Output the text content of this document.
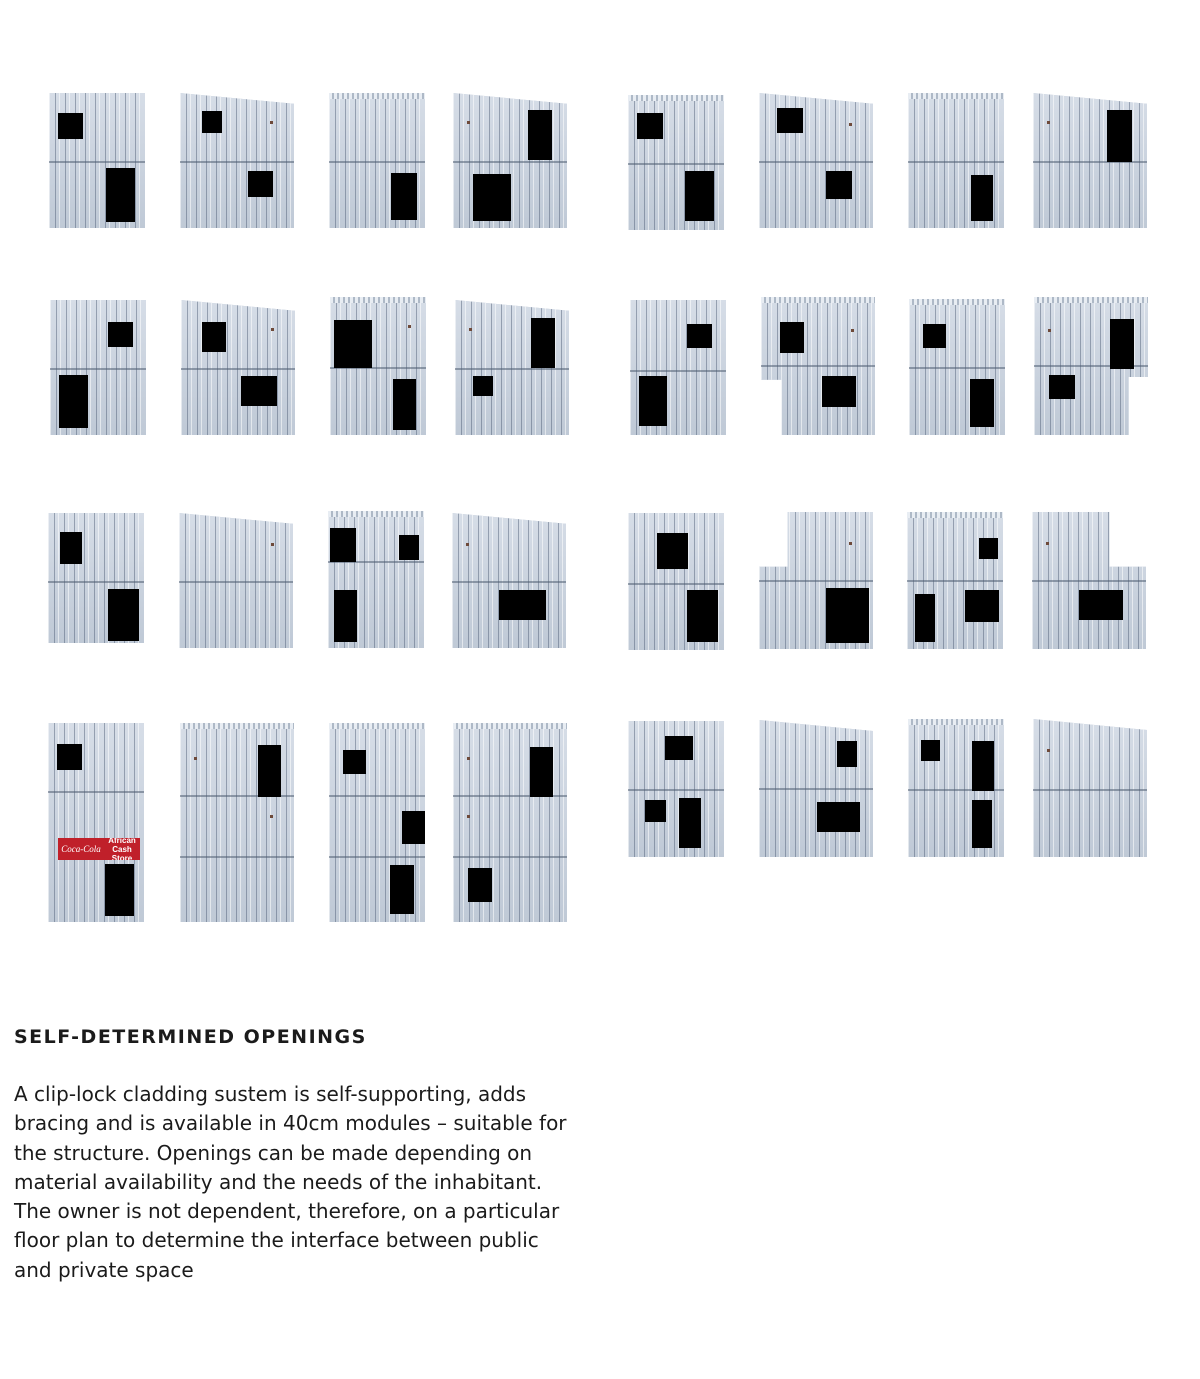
Coca-Cola
African
Cash Store
SELF-DETERMINED OPENINGS

A clip-lock cladding sustem is self-supporting, adds bracing and is available in 40cm modules – suitable for the structure. Openings can be made depending on material availability and the needs of the inhabitant. The owner is not dependent, therefore, on a particular floor plan to determine the interface between public and private space
